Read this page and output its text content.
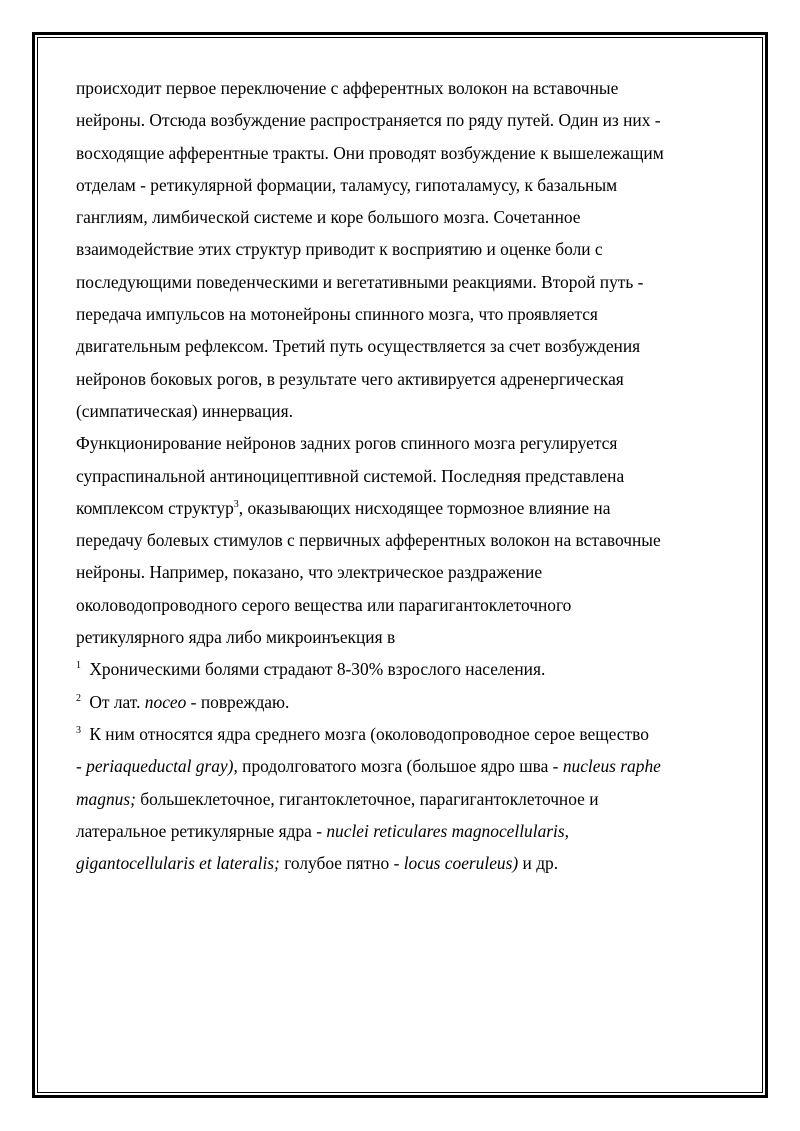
происходит первое переключение с афферентных волокон на вставочные
нейроны. Отсюда возбуждение распространяется по ряду путей. Один из них -
восходящие афферентные тракты. Они проводят возбуждение к вышележащим
отделам - ретикулярной формации, таламусу, гипоталамусу, к базальным
ганглиям, лимбической системе и коре большого мозга. Сочетанное
взаимодействие этих структур приводит к восприятию и оценке боли с
последующими поведенческими и вегетативными реакциями. Второй путь -
передача импульсов на мотонейроны спинного мозга, что проявляется
двигательным рефлексом. Третий путь осуществляется за счет возбуждения
нейронов боковых рогов, в результате чего активируется адренергическая
(симпатическая) иннервация.
Функционирование нейронов задних рогов спинного мозга регулируется
супраспинальной антиноцицептивной системой. Последняя представлена
комплексом структур$^3$, оказывающих нисходящее тормозное влияние на
передачу болевых стимулов с первичных афферентных волокон на вставочные
нейроны. Например, показано, что электрическое раздражение
околоводопроводного серого вещества или парагигантоклеточного
ретикулярного ядра либо микроинъекция в
$^1$ Хроническими болями страдают 8-30% взрослого населения.
$^2$ От лат. noceo - повреждаю.
$^3$ К ним относятся ядра среднего мозга (околоводопроводное серое вещество
- periaqueductal gray), продолговатого мозга (большое ядро шва - nucleus raphe
magnus; большеклеточное, гигантоклеточное, парагигантоклеточное и
латеральное ретикулярные ядра - nuclei reticulares magnocellularis,
gigantocellularis et lateralis; голубое пятно - locus coeruleus) и др.
